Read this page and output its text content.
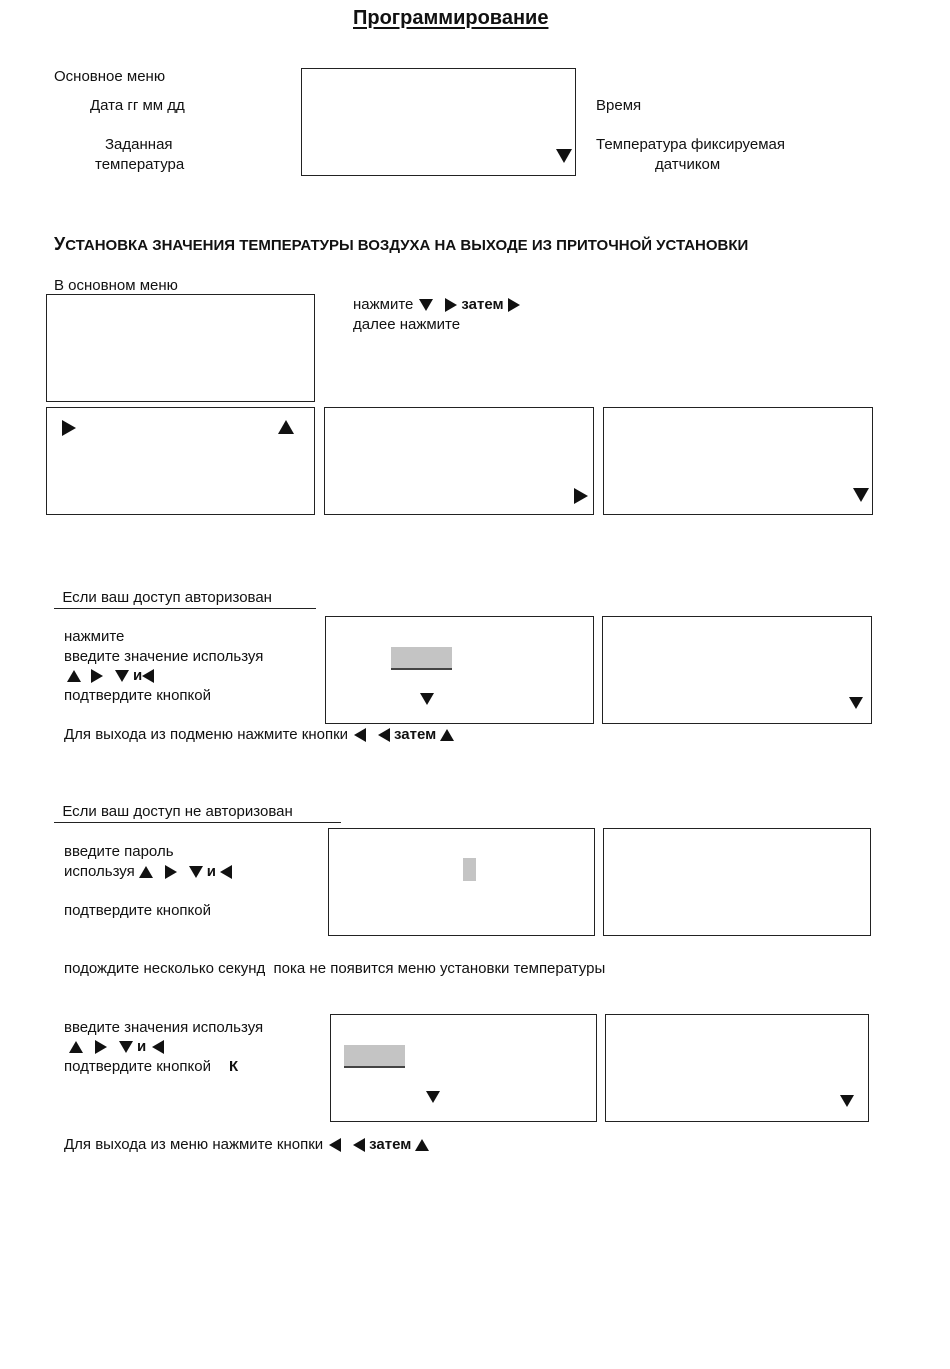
Программирование
Основное меню
Дата гг мм дд
Заданная
температура
Время
Температура фиксируемая
датчиком
УСТАНОВКА ЗНАЧЕНИЯ ТЕМПЕРАТУРЫ ВОЗДУХА НА ВЫХОДЕ ИЗ ПРИТОЧНОЙ УСТАНОВКИ
В основном меню
нажмите	затем
далее нажмите
Если ваш доступ авторизован
нажмите
введите значение используя
и
подтвердите кнопкой
Для выхода из подменю нажмите кнопки	затем
Если ваш доступ не авторизован
введите пароль
используя	и
подтвердите кнопкой
подождите несколько секунд  пока не появится меню установки температуры
введите значения используя
и
подтвердите кнопкой К
Для выхода из меню нажмите кнопки	затем
